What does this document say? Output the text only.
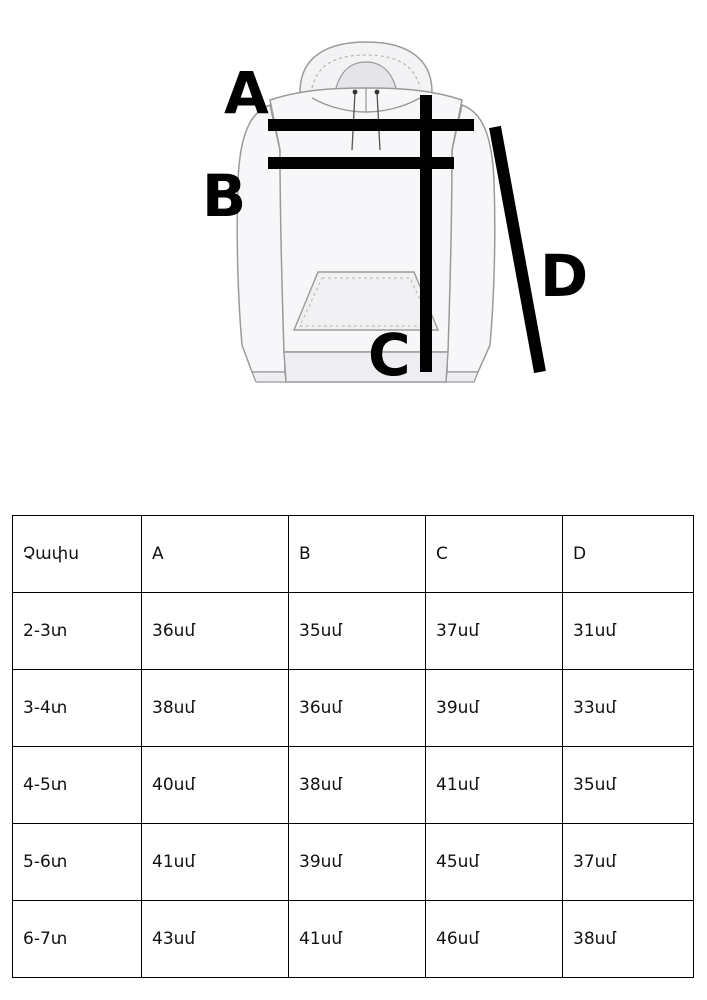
A
B
C
D
Չափս	A	B	C	D
2-3տ	36սմ	35սմ	37սմ	31սմ
3-4տ	38սմ	36սմ	39սմ	33սմ
4-5տ	40սմ	38սմ	41սմ	35սմ
5-6տ	41սմ	39սմ	45սմ	37սմ
6-7տ	43սմ	41սմ	46սմ	38սմ
